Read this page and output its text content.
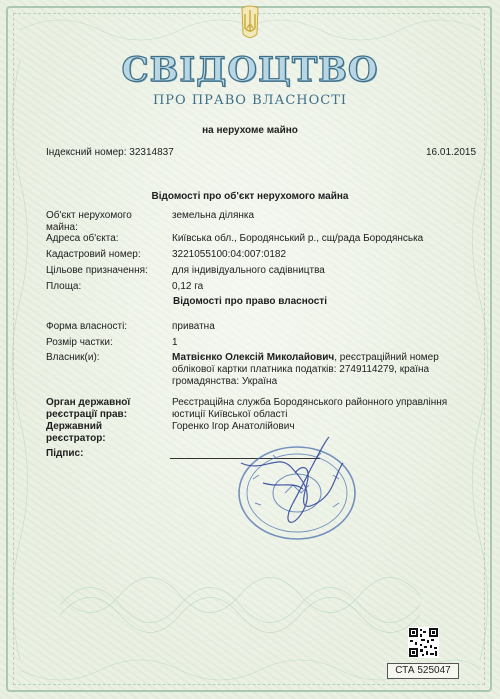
СВІДОЦТВО
ПРО ПРАВО ВЛАСНОСТІ
на нерухоме майно
Індексний номер: 32314837	16.01.2015
Відомості про об'єкт нерухомого майна
Об'єкт нерухомого майна:
земельна ділянка
Адреса об'єкта:	Київська обл., Бородянський р., сщ/рада Бородянська
Кадастровий номер:	3221055100:04:007:0182
Цільове призначення: для індивідуального садівництва
Площа:	0,12 га
Відомості про право власності
Форма власності:	приватна
Розмір частки:	1
Власник(и):	Матвієнко Олексій Миколайович, реєстраційний номер облікової картки платника податків: 2749114279, країна громадянства: Україна
Орган державної реєстрації прав:
Реєстраційна служба Бородянського районного управління юстиції Київської області
Державний реєстратор:
Горенко Ігор Анатолійович
Підпис:
СТА 525047
